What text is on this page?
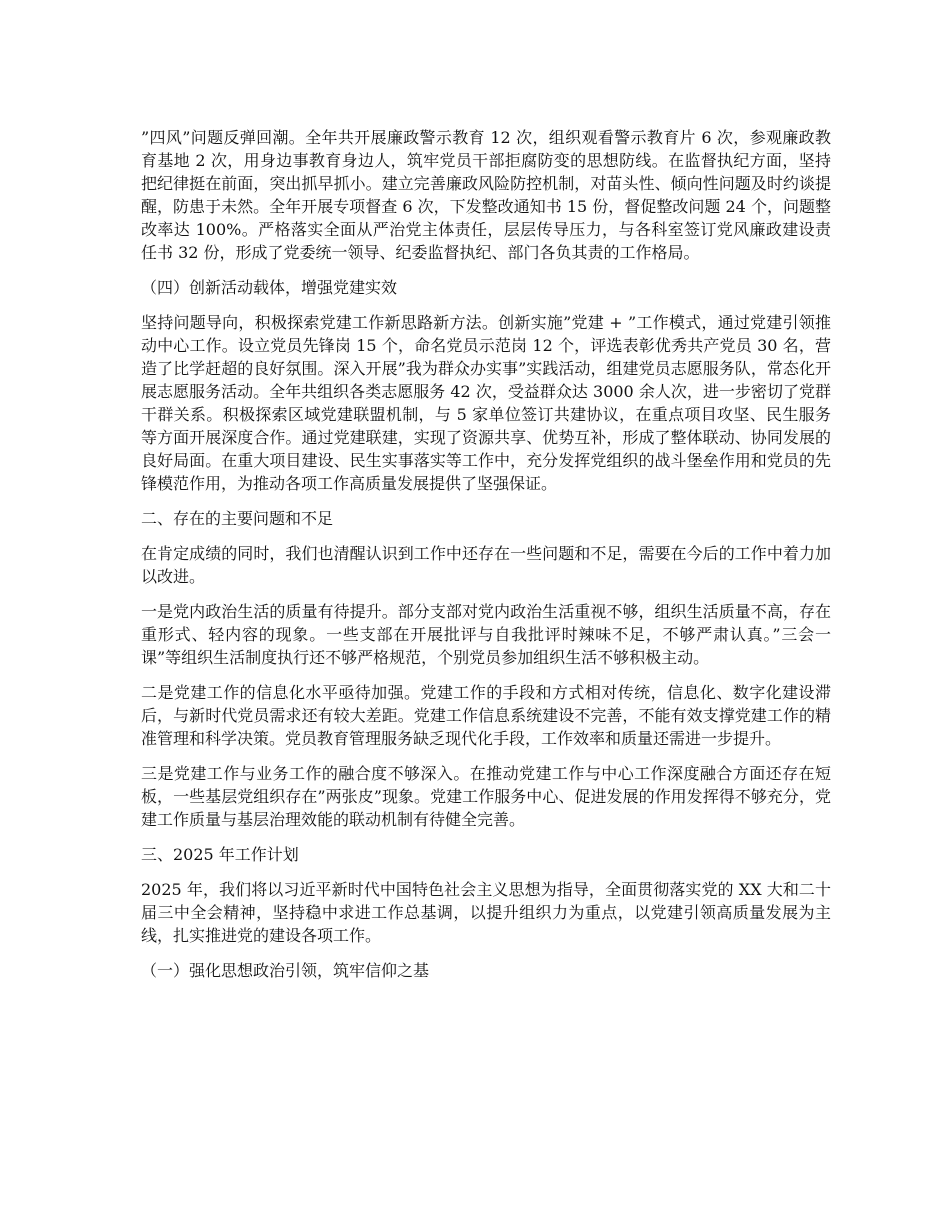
”四风”问题反弹回潮。全年共开展廉政警示教育 12 次，组织观看警示教育片 6 次，参观廉政教育基地 2 次，用身边事教育身边人，筑牢党员干部拒腐防变的思想防线。在监督执纪方面，坚持把纪律挺在前面，突出抓早抓小。建立完善廉政风险防控机制，对苗头性、倾向性问题及时约谈提醒，防患于未然。全年开展专项督查 6 次，下发整改通知书 15 份，督促整改问题 24 个，问题整改率达 100%。严格落实全面从严治党主体责任，层层传导压力，与各科室签订党风廉政建设责任书 32 份，形成了党委统一领导、纪委监督执纪、部门各负其责的工作格局。

（四）创新活动载体，增强党建实效

坚持问题导向，积极探索党建工作新思路新方法。创新实施”党建 + ”工作模式，通过党建引领推动中心工作。设立党员先锋岗 15 个，命名党员示范岗 12 个，评选表彰优秀共产党员 30 名，营造了比学赶超的良好氛围。深入开展”我为群众办实事”实践活动，组建党员志愿服务队，常态化开展志愿服务活动。全年共组织各类志愿服务 42 次，受益群众达 3000 余人次，进一步密切了党群干群关系。积极探索区域党建联盟机制，与 5 家单位签订共建协议，在重点项目攻坚、民生服务等方面开展深度合作。通过党建联建，实现了资源共享、优势互补，形成了整体联动、协同发展的良好局面。在重大项目建设、民生实事落实等工作中，充分发挥党组织的战斗堡垒作用和党员的先锋模范作用，为推动各项工作高质量发展提供了坚强保证。

二、存在的主要问题和不足

在肯定成绩的同时，我们也清醒认识到工作中还存在一些问题和不足，需要在今后的工作中着力加以改进。

一是党内政治生活的质量有待提升。部分支部对党内政治生活重视不够，组织生活质量不高，存在重形式、轻内容的现象。一些支部在开展批评与自我批评时辣味不足，不够严肃认真。”三会一课”等组织生活制度执行还不够严格规范，个别党员参加组织生活不够积极主动。

二是党建工作的信息化水平亟待加强。党建工作的手段和方式相对传统，信息化、数字化建设滞后，与新时代党员需求还有较大差距。党建工作信息系统建设不完善，不能有效支撑党建工作的精准管理和科学决策。党员教育管理服务缺乏现代化手段，工作效率和质量还需进一步提升。

三是党建工作与业务工作的融合度不够深入。在推动党建工作与中心工作深度融合方面还存在短板，一些基层党组织存在”两张皮”现象。党建工作服务中心、促进发展的作用发挥得不够充分，党建工作质量与基层治理效能的联动机制有待健全完善。

三、2025 年工作计划

2025 年，我们将以习近平新时代中国特色社会主义思想为指导，全面贯彻落实党的 XX 大和二十届三中全会精神，坚持稳中求进工作总基调，以提升组织力为重点，以党建引领高质量发展为主线，扎实推进党的建设各项工作。

（一）强化思想政治引领，筑牢信仰之基
